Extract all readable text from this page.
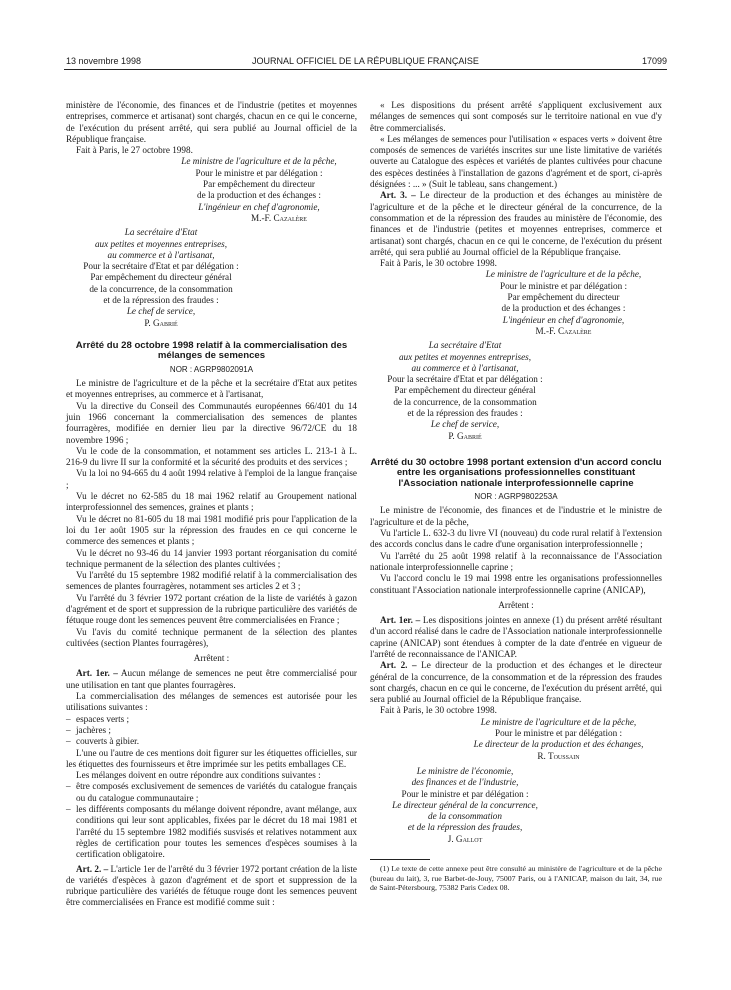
13 novembre 1998	JOURNAL OFFICIEL DE LA RÉPUBLIQUE FRANÇAISE	17099

ministère de l'économie, des finances et de l'industrie (petites et moyennes entreprises, commerce et artisanat) sont chargés, chacun en ce qui le concerne, de l'exécution du présent arrêté, qui sera publié au Journal officiel de la République française.

Fait à Paris, le 27 octobre 1998.

Le ministre de l'agriculture et de la pêche,
Pour le ministre et par délégation :
Par empêchement du directeur
de la production et des échanges :
L'ingénieur en chef d'agronomie,
M.-F. Cazalère
La secrétaire d'Etat
aux petites et moyennes entreprises,
au commerce et à l'artisanat,
Pour la secrétaire d'Etat et par délégation :
Par empêchement du directeur général
de la concurrence, de la consommation
et de la répression des fraudes :
Le chef de service,
P. Gabrié
Arrêté du 28 octobre 1998 relatif à la commercialisation des mélanges de semences
NOR : AGRP9802091A

Le ministre de l'agriculture et de la pêche et la secrétaire d'Etat aux petites et moyennes entreprises, au commerce et à l'artisanat,

Vu la directive du Conseil des Communautés européennes 66/401 du 14 juin 1966 concernant la commercialisation des semences de plantes fourragères, modifiée en dernier lieu par la directive 96/72/CE du 18 novembre 1996 ;

Vu le code de la consommation, et notamment ses articles L. 213-1 à L. 216-9 du livre II sur la conformité et la sécurité des produits et des services ;

Vu la loi no 94-665 du 4 août 1994 relative à l'emploi de la langue française ;

Vu le décret no 62-585 du 18 mai 1962 relatif au Groupement national interprofessionnel des semences, graines et plants ;

Vu le décret no 81-605 du 18 mai 1981 modifié pris pour l'application de la loi du 1er août 1905 sur la répression des fraudes en ce qui concerne le commerce des semences et plants ;

Vu le décret no 93-46 du 14 janvier 1993 portant réorganisation du comité technique permanent de la sélection des plantes cultivées ;

Vu l'arrêté du 15 septembre 1982 modifié relatif à la commercialisation des semences de plantes fourragères, notamment ses articles 2 et 3 ;

Vu l'arrêté du 3 février 1972 portant création de la liste de variétés à gazon d'agrément et de sport et suppression de la rubrique particulière des variétés de fétuque rouge dont les semences peuvent être commercialisées en France ;

Vu l'avis du comité technique permanent de la sélection des plantes cultivées (section Plantes fourragères),

Arrêtent :

Art. 1er. – Aucun mélange de semences ne peut être commercialisé pour une utilisation en tant que plantes fourragères.

La commercialisation des mélanges de semences est autorisée pour les utilisations suivantes :

– espaces verts ;
– jachères ;
– couverts à gibier.

L'une ou l'autre de ces mentions doit figurer sur les étiquettes officielles, sur les étiquettes des fournisseurs et être imprimée sur les petits emballages CE.

Les mélanges doivent en outre répondre aux conditions suivantes :

– être composés exclusivement de semences de variétés du catalogue français ou du catalogue communautaire ;
– les différents composants du mélange doivent répondre, avant mélange, aux conditions qui leur sont applicables, fixées par le décret du 18 mai 1981 et l'arrêté du 15 septembre 1982 modifiés susvisés et relatives notamment aux règles de certification pour toutes les semences d'espèces soumises à la certification obligatoire.

Art. 2. – L'article 1er de l'arrêté du 3 février 1972 portant création de la liste de variétés d'espèces à gazon d'agrément et de sport et suppression de la rubrique particulière des variétés de fétuque rouge dont les semences peuvent être commercialisées en France est modifié comme suit :

« Les dispositions du présent arrêté s'appliquent exclusivement aux mélanges de semences qui sont composés sur le territoire national en vue d'y être commercialisés.

« Les mélanges de semences pour l'utilisation « espaces verts » doivent être composés de semences de variétés inscrites sur une liste limitative de variétés ouverte au Catalogue des espèces et variétés de plantes cultivées pour chacune des espèces destinées à l'installation de gazons d'agrément et de sport, ci-après désignées : ... » (Suit le tableau, sans changement.)

Art. 3. – Le directeur de la production et des échanges au ministère de l'agriculture et de la pêche et le directeur général de la concurrence, de la consommation et de la répression des fraudes au ministère de l'économie, des finances et de l'industrie (petites et moyennes entreprises, commerce et artisanat) sont chargés, chacun en ce qui le concerne, de l'exécution du présent arrêté, qui sera publié au Journal officiel de la République française.

Fait à Paris, le 30 octobre 1998.

Le ministre de l'agriculture et de la pêche,
Pour le ministre et par délégation :
Par empêchement du directeur
de la production et des échanges :
L'ingénieur en chef d'agronomie,
M.-F. Cazalère
La secrétaire d'Etat
aux petites et moyennes entreprises,
au commerce et à l'artisanat,
Pour la secrétaire d'Etat et par délégation :
Par empêchement du directeur général
de la concurrence, de la consommation
et de la répression des fraudes :
Le chef de service,
P. Gabrié
Arrêté du 30 octobre 1998 portant extension d'un accord conclu entre les organisations professionnelles constituant l'Association nationale interprofessionnelle caprine
NOR : AGRP9802253A

Le ministre de l'économie, des finances et de l'industrie et le ministre de l'agriculture et de la pêche,

Vu l'article L. 632-3 du livre VI (nouveau) du code rural relatif à l'extension des accords conclus dans le cadre d'une organisation interprofessionnelle ;

Vu l'arrêté du 25 août 1998 relatif à la reconnaissance de l'Association nationale interprofessionnelle caprine ;

Vu l'accord conclu le 19 mai 1998 entre les organisations professionnelles constituant l'Association nationale interprofessionnelle caprine (ANICAP),

Arrêtent :

Art. 1er. – Les dispositions jointes en annexe (1) du présent arrêté résultant d'un accord réalisé dans le cadre de l'Association nationale interprofessionnelle caprine (ANICAP) sont étendues à compter de la date d'entrée en vigueur de l'arrêté de reconnaissance de l'ANICAP.

Art. 2. – Le directeur de la production et des échanges et le directeur général de la concurrence, de la consommation et de la répression des fraudes sont chargés, chacun en ce qui le concerne, de l'exécution du présent arrêté, qui sera publié au Journal officiel de la République française.

Fait à Paris, le 30 octobre 1998.

Le ministre de l'agriculture et de la pêche,
Pour le ministre et par délégation :
Le directeur de la production et des échanges,
R. Toussain
Le ministre de l'économie,
des finances et de l'industrie,
Pour le ministre et par délégation :
Le directeur général de la concurrence,
de la consommation
et de la répression des fraudes,
J. Gallot

(1) Le texte de cette annexe peut être consulté au ministère de l'agriculture et de la pêche (bureau du lait), 3, rue Barbet-de-Jouy, 75007 Paris, ou à l'ANICAP, maison du lait, 34, rue de Saint-Pétersbourg, 75382 Paris Cedex 08.
